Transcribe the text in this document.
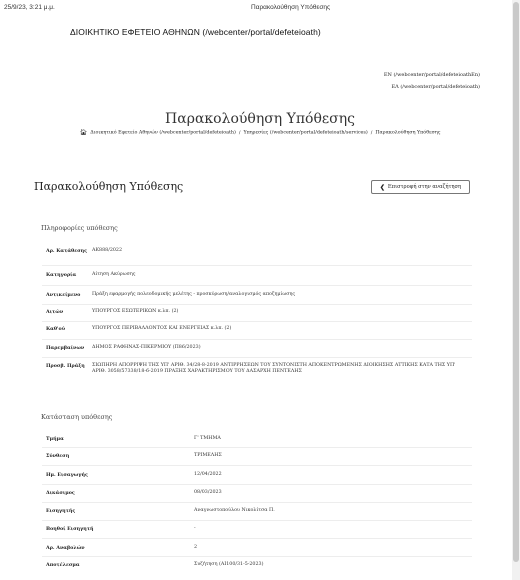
25/9/23, 3:21 μ.μ.	Παρακολούθηση Υπόθεσης
ΔΙΟΙΚΗΤΙΚΟ ΕΦΕΤΕΙΟ ΑΘΗΝΩΝ (/webcenter/portal/defeteioath)
EN (/webcenter/portal/defeteioathEn)
ΕΛ (/webcenter/portal/defeteioath)
Παρακολούθηση Υπόθεσης
🏠︎ Διοικητικό Εφετείο Αθηνών (/webcenter/portal/defeteioath) / Υπηρεσίες (/webcenter/portal/defeteioath/services) / Παρακολούθηση Υπόθεσης
Παρακολούθηση Υπόθεσης	❮ Επιστροφή στην αναζήτηση
Πληροφορίες υπόθεσης
Αρ. Κατάθεσης ΑΚ888/2022
Κατηγορία	Αίτηση Ακύρωσης
Αντικείμενο	Πράξη εφαρμογής πολεοδομικής μελέτης - προσκύρωση/αναλογισμός αποζημίωσης
Αιτών	ΥΠΟΥΡΓΟΣ ΕΣΩΤΕΡΙΚΩΝ κ.λπ. (2)
Καθ'ού	ΥΠΟΥΡΓΟΣ ΠΕΡΙΒΑΛΛΟΝΤΟΣ ΚΑΙ ΕΝΕΡΓΕΙΑΣ κ.λπ. (2)
Παρεμβαίνων	ΔΗΜΟΣ ΡΑΦΗΝΑΣ-ΠΙΚΕΡΜΙΟΥ (Π86/2023)
Προσβ. Πράξη	ΣΙΩΠΗΡΗ ΑΠΟΡΡΙΨΗ ΤΗΣ ΥΠ' ΑΡΙΘ. 34/28-8-2019 ΑΝΤΙΡΡΗΣΕΩΝ ΤΟΥ ΣΥΝΤΟΝΙΣΤΗ ΑΠΟΚΕΝΤΡΩΜΕΝΗΣ ΔΙΟΙΚΗΣΗΣ ΑΤΤΙΚΗΣ ΚΑΤΑ ΤΗΣ ΥΠ' ΑΡΙΘ. 3058/57338/18-6-2019 ΠΡΑΞΗΣ ΧΑΡΑΚΤΗΡΙΣΜΟΥ ΤΟΥ ΔΑΣΑΡΧΗ ΠΕΝΤΕΛΗΣ
Κατάσταση υπόθεσης
Τμήμα	Γ' ΤΜΗΜΑ
Σύνθεση	ΤΡΙΜΕΛΗΣ
Ημ. Εισαγωγής	12/04/2022
Δικάσιμος	08/03/2023
Εισηγητής	Αναγνωστοπούλου Νικολίτσα Π.
Βοηθοί Εισηγητή	-
Αρ. Αναβολών	2
Αποτέλεσμα	Συζήτηση (ΑΙ100/31-5-2023)
